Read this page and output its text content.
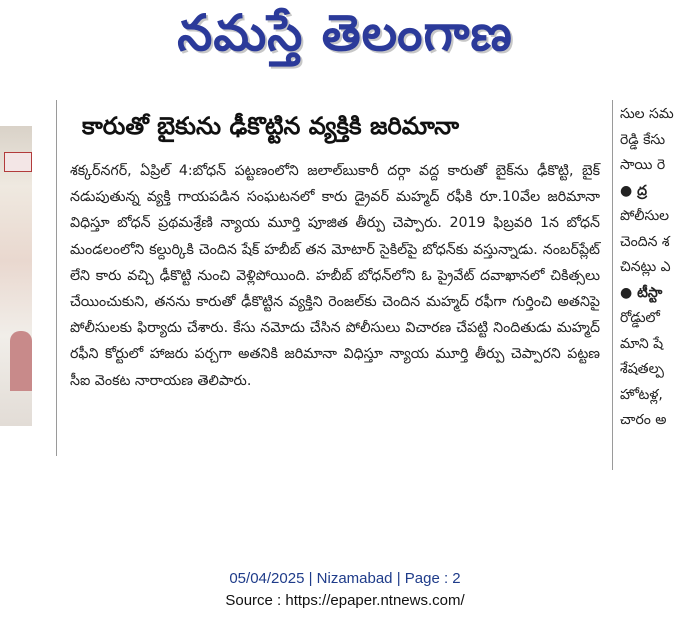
నమస్తే తెలంగాణ
కారుతో బైకును ఢీకొట్టిన వ్యక్తికి జరిమానా

శక్కర్‌నగర్, ఏప్రిల్ 4:బోధన్ పట్టణంలోని జలాల్‌బుకారీ దర్గా వద్ద కారుతో బైక్‌ను ఢీకొట్టి, బైక్ నడుపుతున్న వ్యక్తి గాయపడిన సంఘటనలో కారు డ్రైవర్ మహ్మద్ రఫీకి రూ.10వేల జరిమానా విధిస్తూ బోధన్ ప్రథమశ్రేణి న్యాయ మూర్తి పూజిత తీర్పు చెప్పారు. 2019 ఫిబ్రవరి 1న బోధన్ మండలంలోని కల్దుర్కికి చెందిన షేక్ హబీబ్ తన మోటార్ సైకిల్‌పై బోధన్‌కు వస్తున్నాడు. నంబర్‌ప్లేట్ లేని కారు వచ్చి ఢీకొట్టి నుంచి వెళ్లిపోయింది. హబీబ్ బోధన్‌లోని ఓ ప్రైవేట్ దవాఖానలో చికిత్సలు చేయించుకుని, తనను కారుతో ఢీకొట్టిన వ్యక్తిని రెంజల్‌కు చెందిన మహ్మద్ రఫీగా గుర్తించి అతనిపై పోలీసులకు ఫిర్యాదు చేశారు. కేసు నమోదు చేసిన పోలీసులు విచారణ చేపట్టి నిందితుడు మహ్మద్ రఫీని కోర్టులో హాజరు పర్చగా అతనికి జరిమానా విధిస్తూ న్యాయ మూర్తి తీర్పు చెప్పారని పట్టణ సీఐ వెంకట నారాయణ తెలిపారు.

సుల సమ
రెడ్డి కేసు
సాయి రె
● ద్ర
పోలీసుల
చెందిన శ
చినట్లు ఎ
● టీస్టా
రోడ్డులో
మాని షే
శేషతల్ప
హోటళ్ల,
చారం అ
05/04/2025 | Nizamabad | Page : 2
Source : https://epaper.ntnews.com/
